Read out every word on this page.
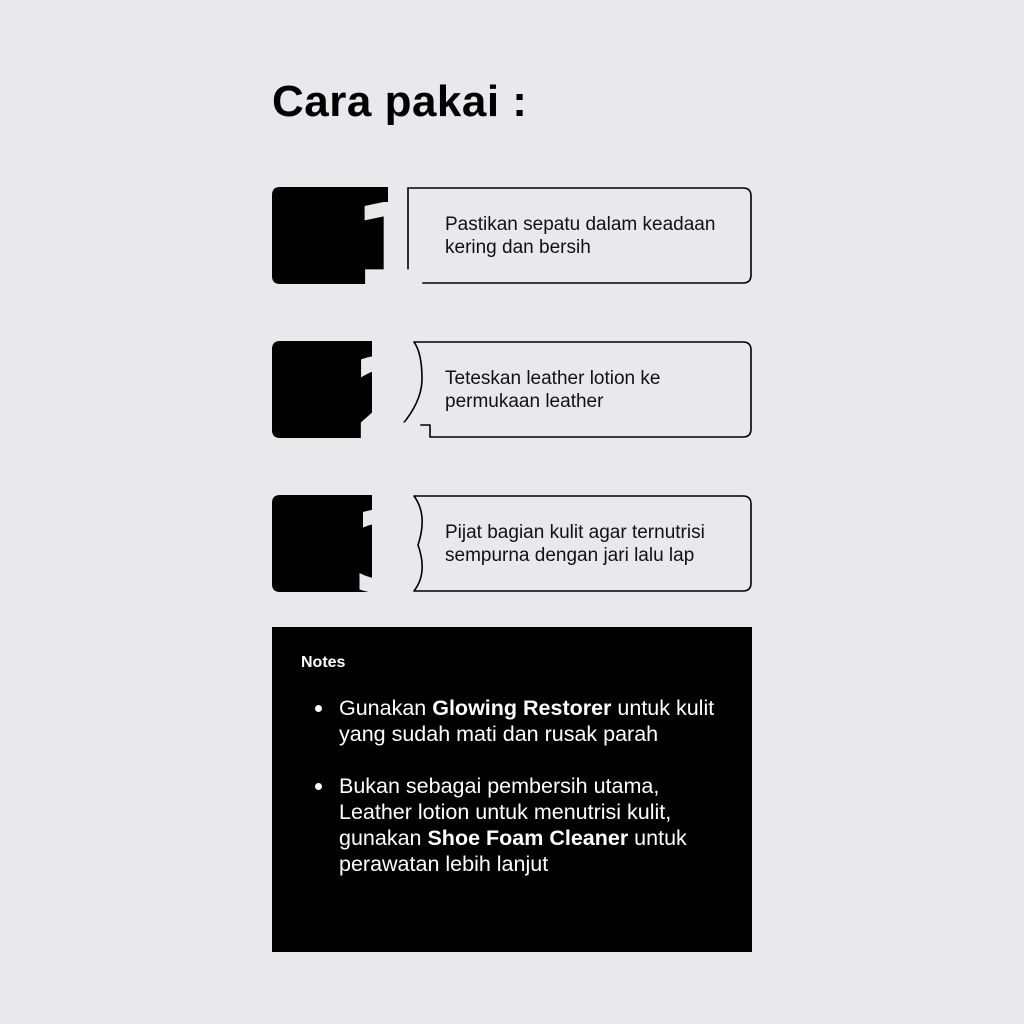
Cara pakai :
1 Pastikan sepatu dalam keadaan kering dan bersih
2 Teteskan leather lotion ke permukaan leather
3 Pijat bagian kulit agar ternutrisi sempurna dengan jari lalu lap
Notes
Gunakan Glowing Restorer untuk kulit yang sudah mati dan rusak parah
Bukan sebagai pembersih utama, Leather lotion untuk menutrisi kulit, gunakan Shoe Foam Cleaner untuk perawatan lebih lanjut
